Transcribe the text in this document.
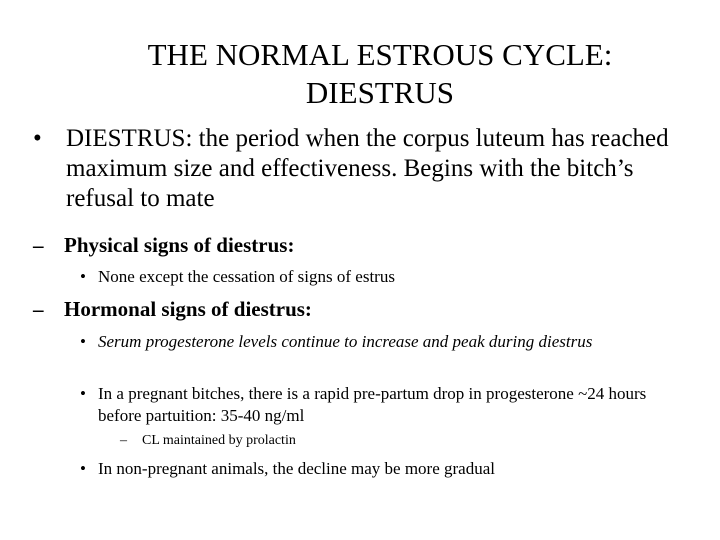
THE NORMAL ESTROUS CYCLE:
DIESTRUS
• DIESTRUS: the period when the corpus luteum has reached maximum size and effectiveness. Begins with the bitch’s refusal to mate
– Physical signs of diestrus:
• None except the cessation of signs of estrus
– Hormonal signs of diestrus:
• Serum progesterone levels continue to increase and peak during diestrus
• In a pregnant bitches, there is a rapid pre-partum drop in progesterone ~24 hours before partuition: 35-40 ng/ml
– CL maintained by prolactin
• In non-pregnant animals, the decline may be more gradual
